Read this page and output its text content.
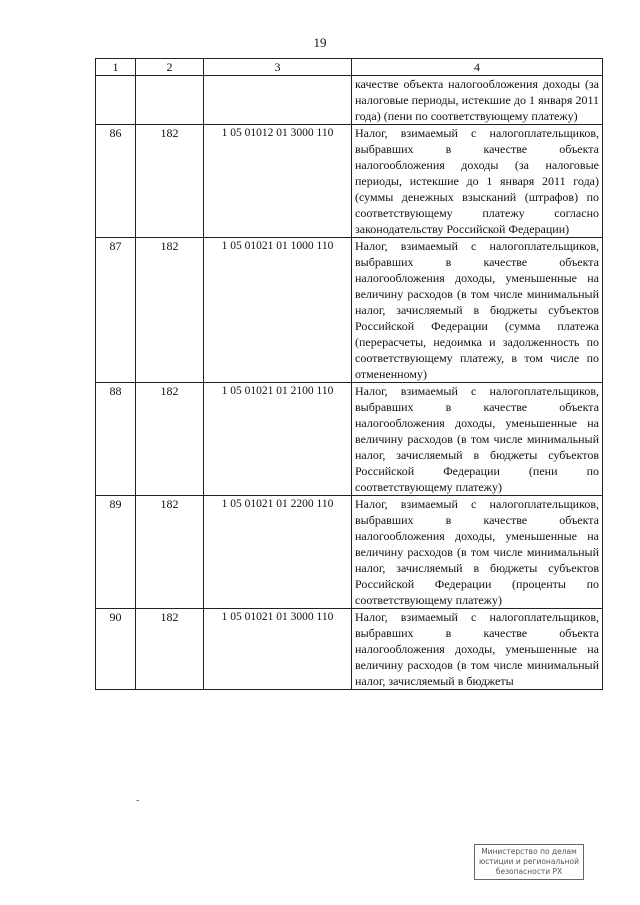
19
1	2	3	4
			качестве объекта налогообложения доходы (за налоговые периоды, истекшие до 1 января 2011 года) (пени по соответствующему платежу)
86	182	1 05 01012 01 3000 110	Налог, взимаемый с налогоплательщиков, выбравших в качестве объекта налогообложения доходы (за налоговые периоды, истекшие до 1 января 2011 года) (суммы денежных взысканий (штрафов) по соответствующему платежу согласно законодательству Российской Федерации)
87	182	1 05 01021 01 1000 110	Налог, взимаемый с налогоплательщиков, выбравших в качестве объекта налогообложения доходы, уменьшенные на величину расходов (в том числе минимальный налог, зачисляемый в бюджеты субъектов Российской Федерации (сумма платежа (перерасчеты, недоимка и задолженность по соответствующему платежу, в том числе по отмененному)
88	182	1 05 01021 01 2100 110	Налог, взимаемый с налогоплательщиков, выбравших в качестве объекта налогообложения доходы, уменьшенные на величину расходов (в том числе минимальный налог, зачисляемый в бюджеты субъектов Российской Федерации (пени по соответствующему платежу)
89	182	1 05 01021 01 2200 110	Налог, взимаемый с налогоплательщиков, выбравших в качестве объекта налогообложения доходы, уменьшенные на величину расходов (в том числе минимальный налог, зачисляемый в бюджеты субъектов Российской Федерации (проценты по соответствующему платежу)
90	182	1 05 01021 01 3000 110	Налог, взимаемый с налогоплательщиков, выбравших в качестве объекта налогообложения доходы, уменьшенные на величину расходов (в том числе минимальный налог, зачисляемый в бюджеты
-
Министерство по делам
юстиции и региональной
безопасности РХ
